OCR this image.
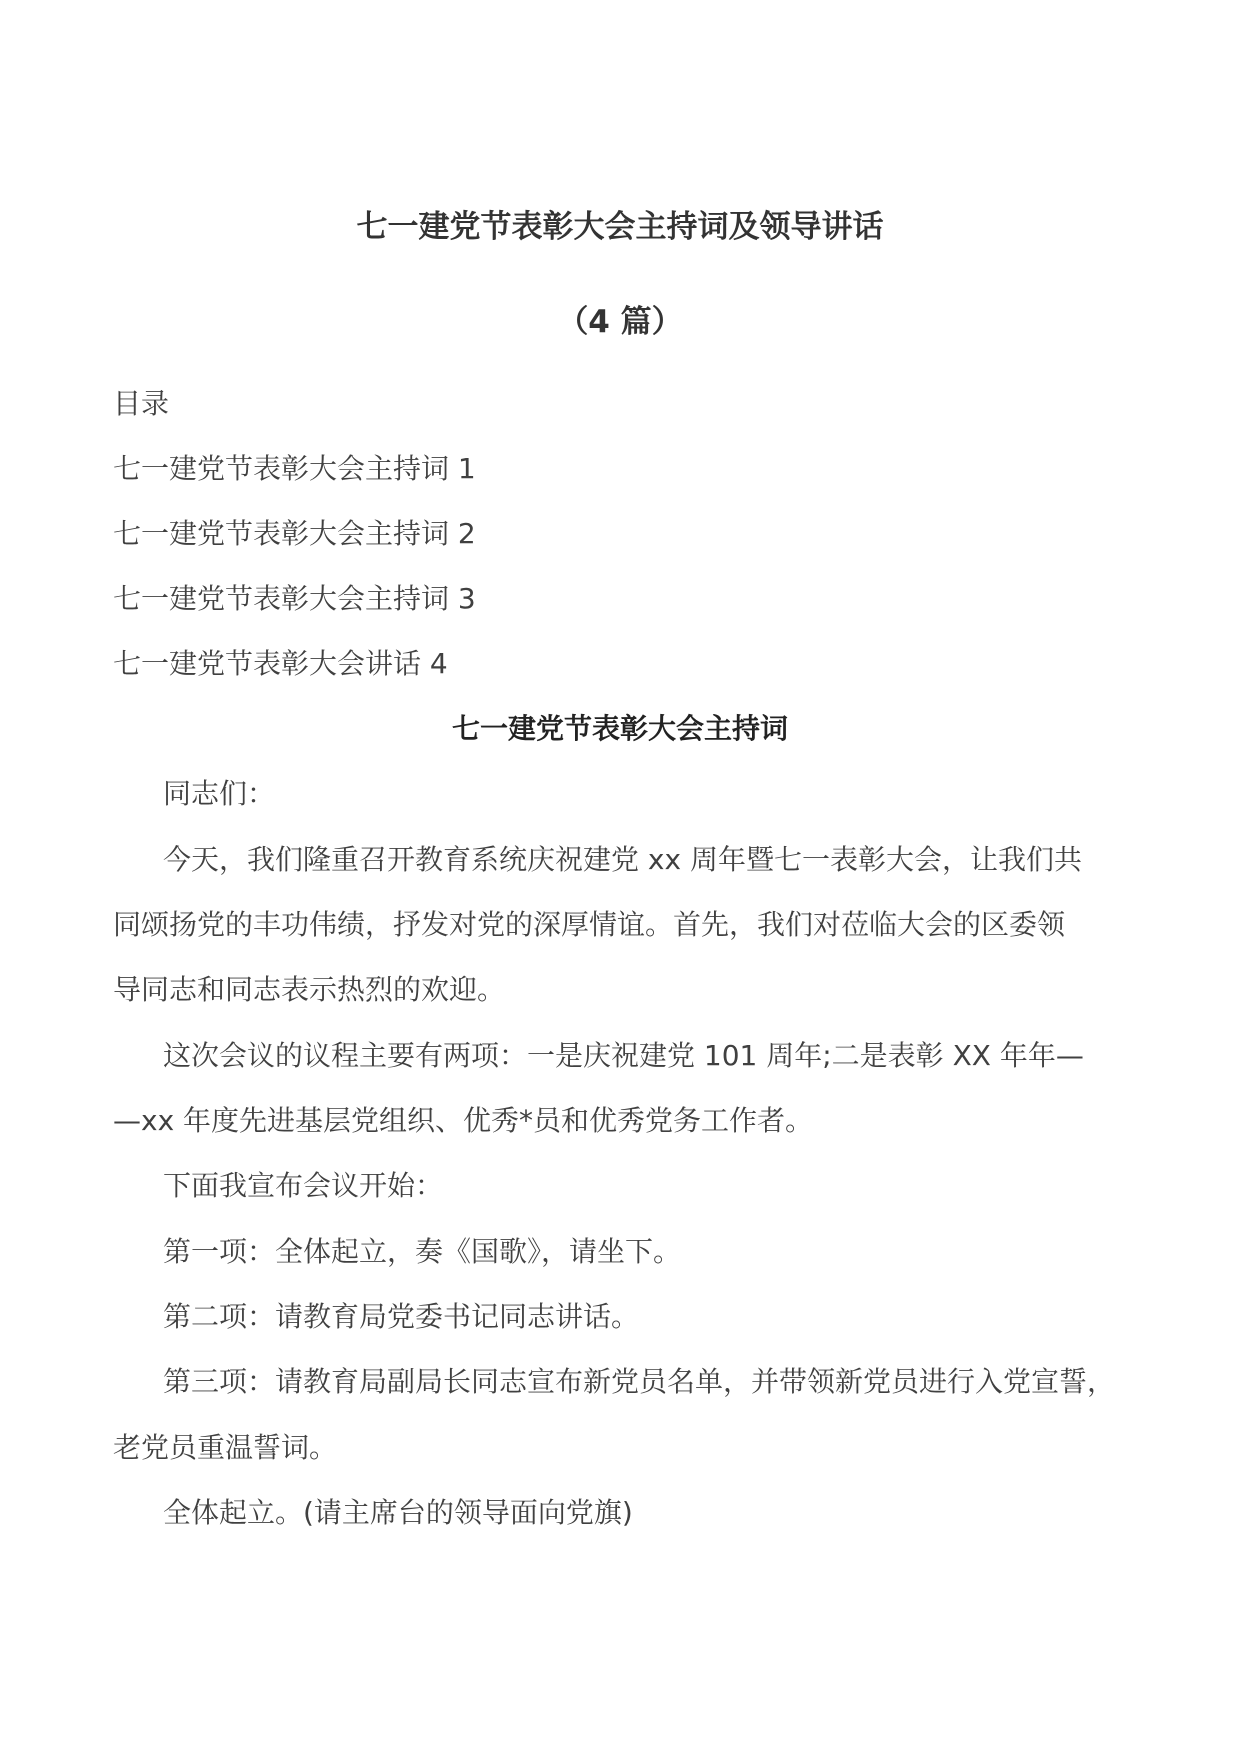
七一建党节表彰大会主持词及领导讲话
（4 篇）
目录
七一建党节表彰大会主持词 1
七一建党节表彰大会主持词 2
七一建党节表彰大会主持词 3
七一建党节表彰大会讲话 4
七一建党节表彰大会主持词
同志们：
今天，我们隆重召开教育系统庆祝建党 xx 周年暨七一表彰大会，让我们共
同颂扬党的丰功伟绩，抒发对党的深厚情谊。首先，我们对莅临大会的区委领
导同志和同志表示热烈的欢迎。
这次会议的议程主要有两项：一是庆祝建党 101 周年;二是表彰 XX 年年—
—xx 年度先进基层党组织、优秀*员和优秀党务工作者。
下面我宣布会议开始：
第一项：全体起立，奏《国歌》，请坐下。
第二项：请教育局党委书记同志讲话。
第三项：请教育局副局长同志宣布新党员名单，并带领新党员进行入党宣誓，
老党员重温誓词。
全体起立。(请主席台的领导面向党旗)
